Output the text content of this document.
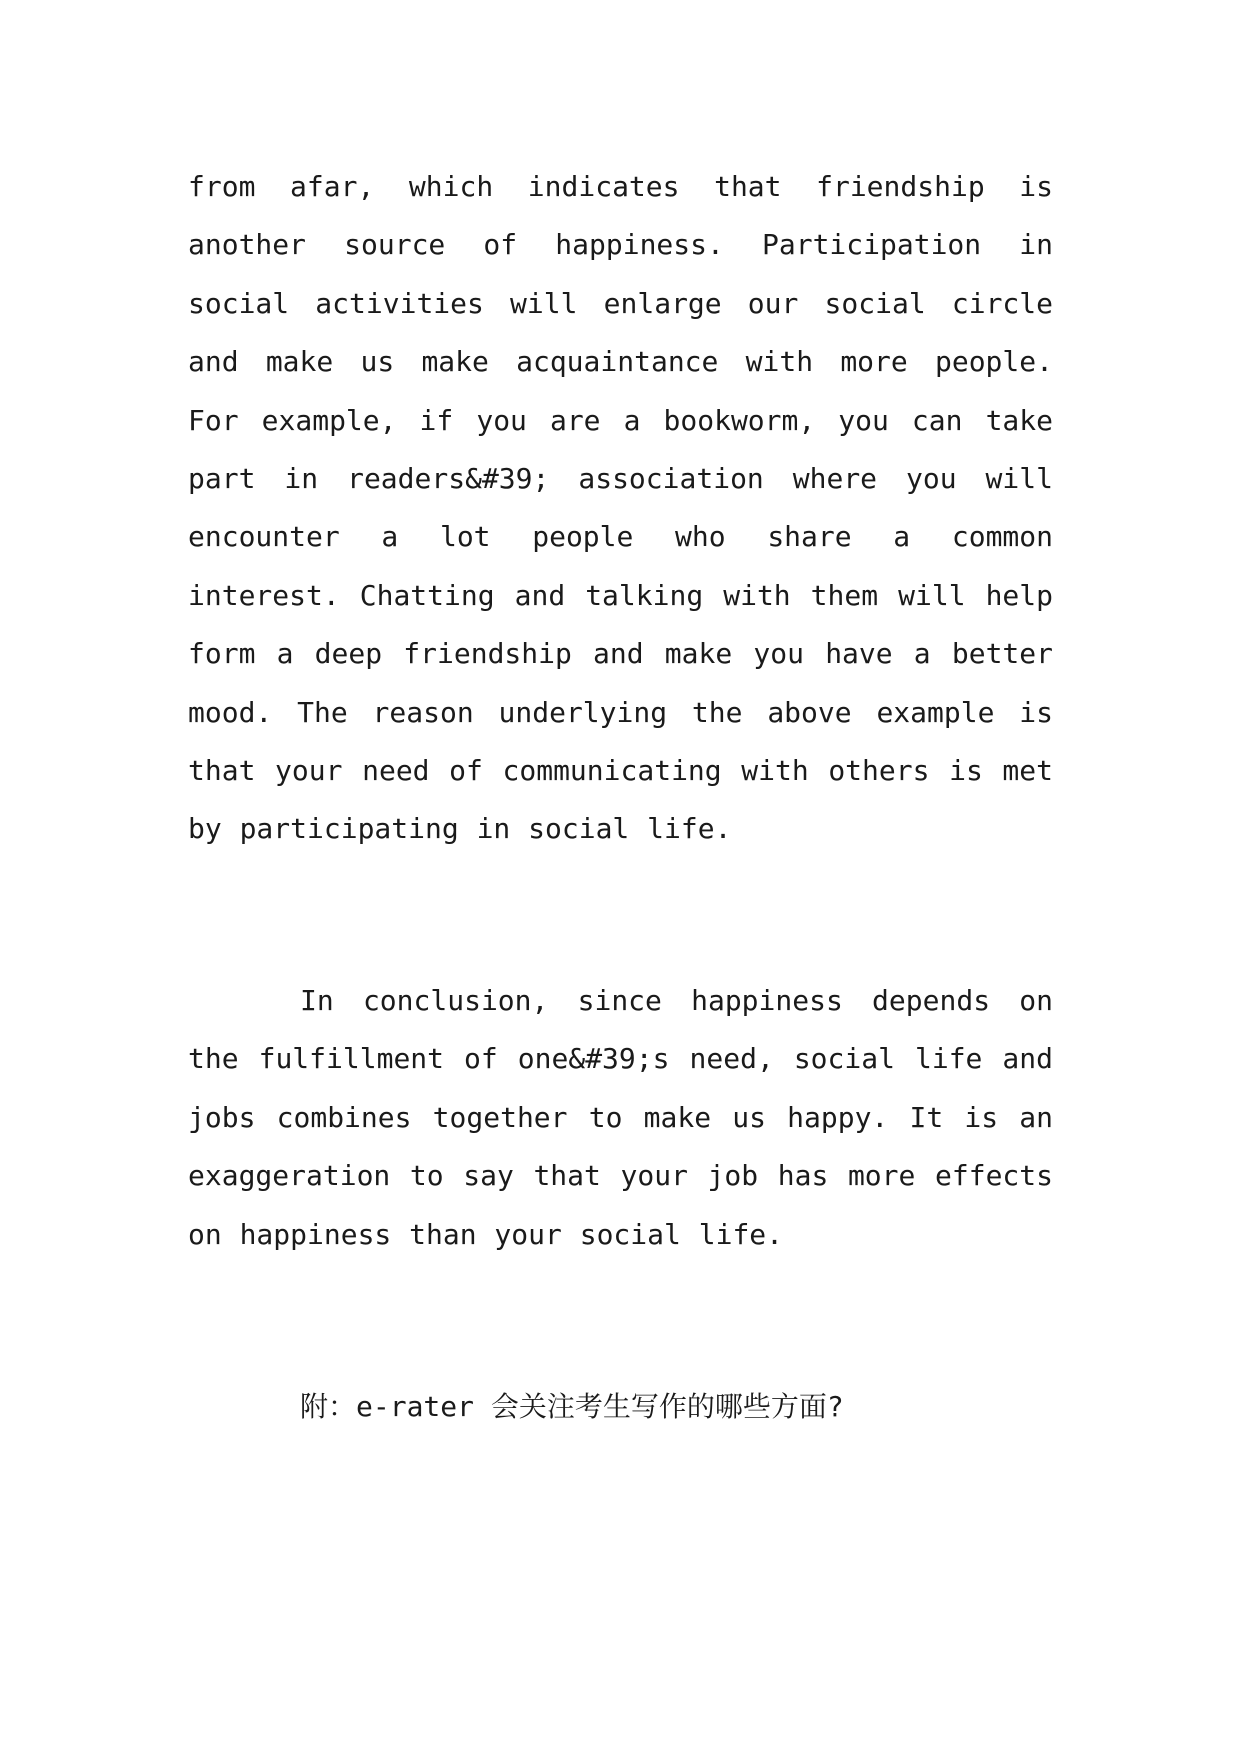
from afar, which indicates that friendship is another source of happiness. Participation in social activities will enlarge our social circle and make us make acquaintance with more people. For example, if you are a bookworm, you can take part in readers&#39; association where you will encounter a lot people who share a common interest. Chatting and talking with them will help form a deep friendship and make you have a better mood. The reason underlying the above example is that your need of communicating with others is met by participating in social life.

In conclusion, since happiness depends on the fulfillment of one&#39;s need, social life and jobs combines together to make us happy. It is an exaggeration to say that your job has more effects on happiness than your social life.

附：e-rater 会关注考生写作的哪些方面?
